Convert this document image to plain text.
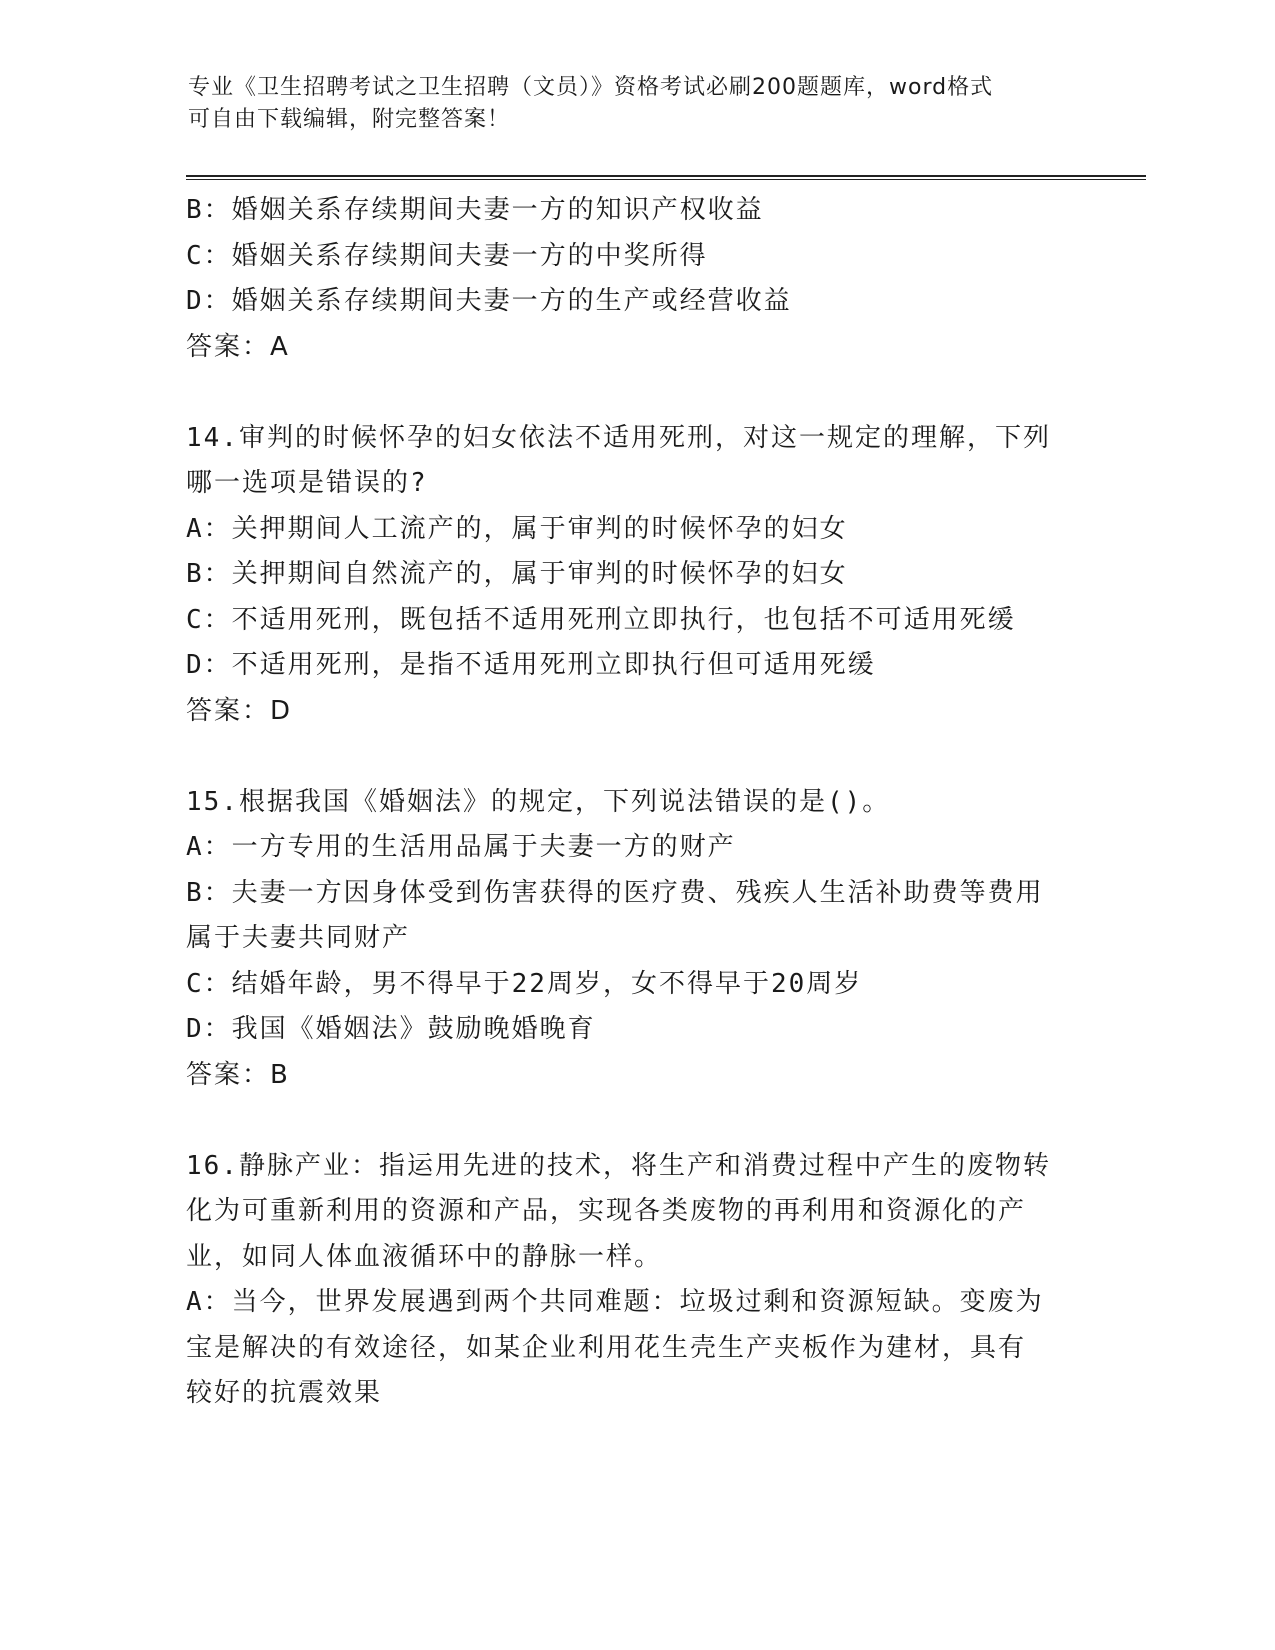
专业《卫生招聘考试之卫生招聘（文员）》资格考试必刷200题题库，word格式
可自由下载编辑，附完整答案！
B：婚姻关系存续期间夫妻一方的知识产权收益
C：婚姻关系存续期间夫妻一方的中奖所得
D：婚姻关系存续期间夫妻一方的生产或经营收益
答案：A
14.审判的时候怀孕的妇女依法不适用死刑，对这一规定的理解，下列
哪一选项是错误的?
A：关押期间人工流产的，属于审判的时候怀孕的妇女
B：关押期间自然流产的，属于审判的时候怀孕的妇女
C：不适用死刑，既包括不适用死刑立即执行，也包括不可适用死缓
D：不适用死刑，是指不适用死刑立即执行但可适用死缓
答案：D
15.根据我国《婚姻法》的规定，下列说法错误的是()。
A：一方专用的生活用品属于夫妻一方的财产
B：夫妻一方因身体受到伤害获得的医疗费、残疾人生活补助费等费用
属于夫妻共同财产
C：结婚年龄，男不得早于22周岁，女不得早于20周岁
D：我国《婚姻法》鼓励晚婚晚育
答案：B
16.静脉产业：指运用先进的技术，将生产和消费过程中产生的废物转
化为可重新利用的资源和产品，实现各类废物的再利用和资源化的产
业，如同人体血液循环中的静脉一样。
A：当今，世界发展遇到两个共同难题：垃圾过剩和资源短缺。变废为
宝是解决的有效途径，如某企业利用花生壳生产夹板作为建材，具有
较好的抗震效果
